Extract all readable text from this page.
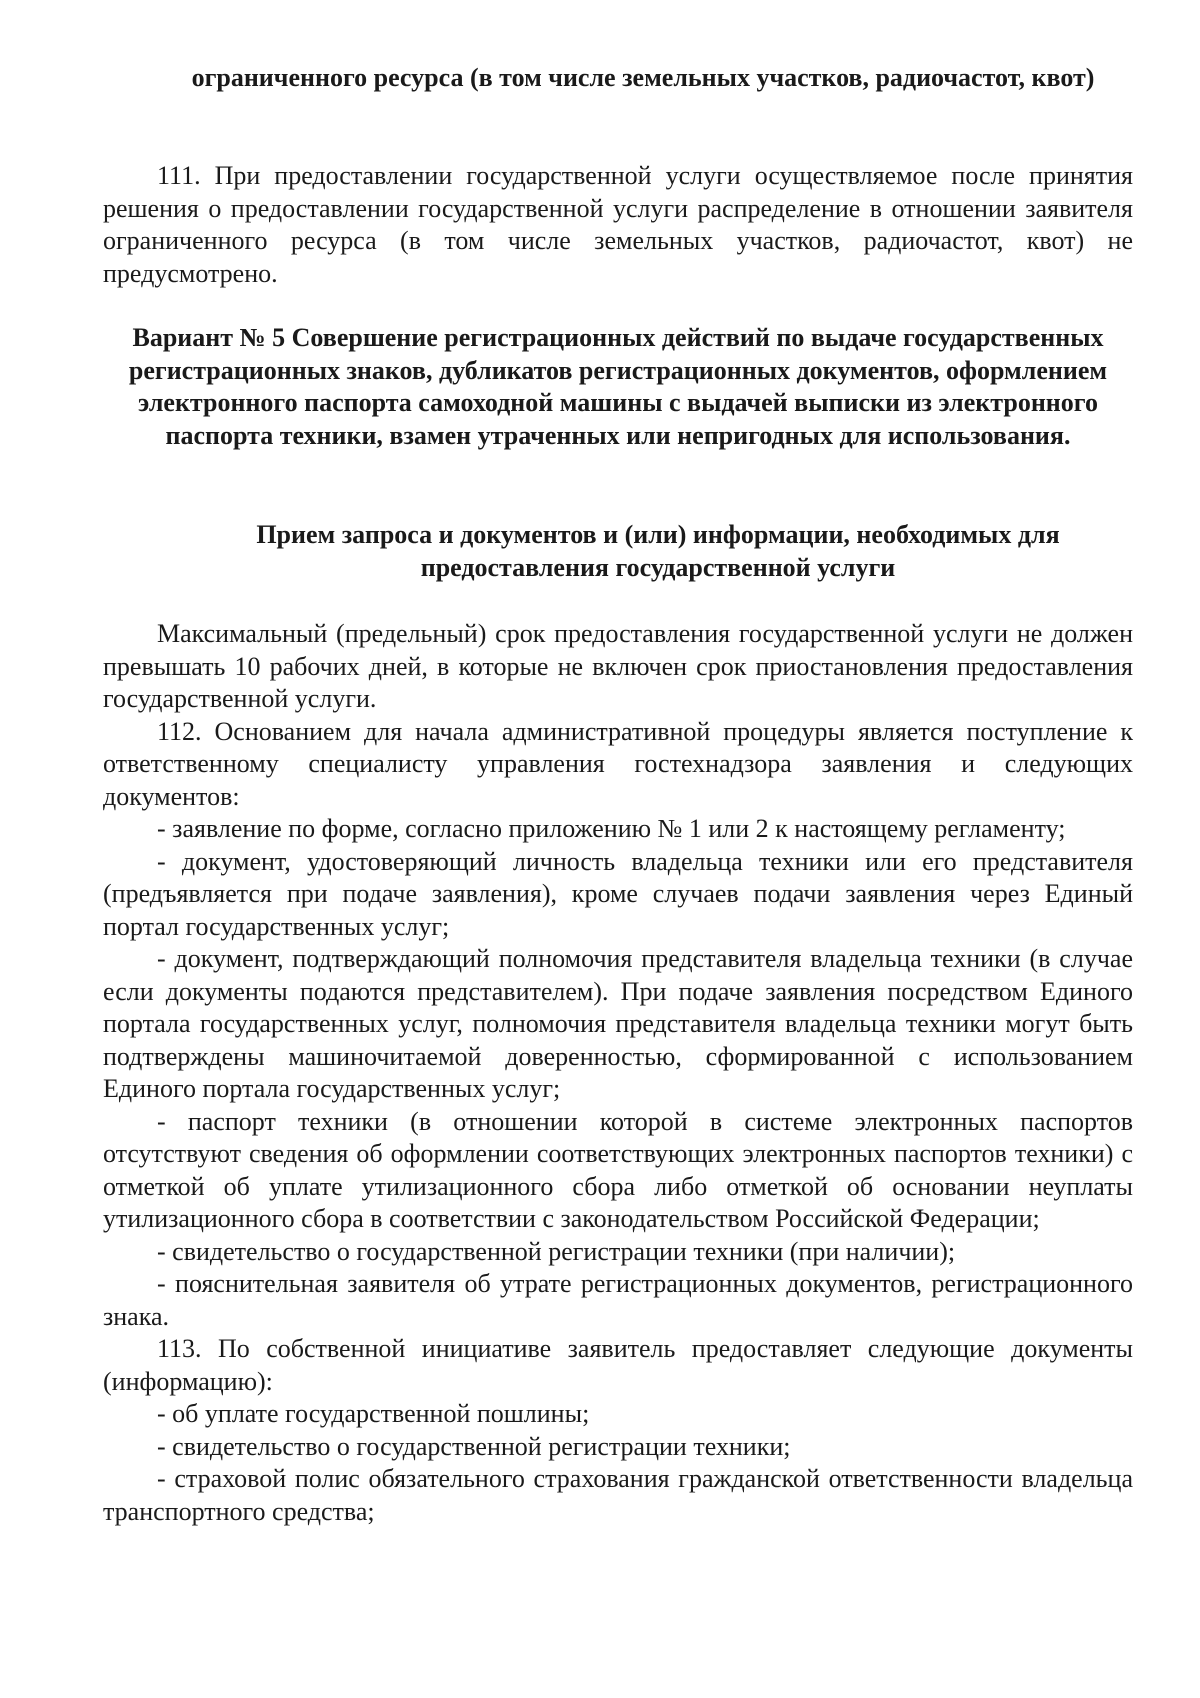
ограниченного ресурса (в том числе земельных участков, радиочастот, квот)

111. При предоставлении государственной услуги осуществляемое после принятия решения о предоставлении государственной услуги распределение в отношении заявителя ограниченного ресурса (в том числе земельных участков, радиочастот, квот) не предусмотрено.

Вариант № 5 Совершение регистрационных действий по выдаче государственных регистрационных знаков, дубликатов регистрационных документов, оформлением электронного паспорта самоходной машины с выдачей выписки из электронного паспорта техники, взамен утраченных или непригодных для использования.
Прием запроса и документов и (или) информации, необходимых для предоставления государственной услуги

Максимальный (предельный) срок предоставления государственной услуги не должен превышать 10 рабочих дней, в которые не включен срок приостановления предоставления государственной услуги.

112. Основанием для начала административной процедуры является поступление к ответственному специалисту управления гостехнадзора заявления и следующих документов:

- заявление по форме, согласно приложению № 1 или 2 к настоящему регламенту;

- документ, удостоверяющий личность владельца техники или его представителя (предъявляется при подаче заявления), кроме случаев подачи заявления через Единый портал государственных услуг;

- документ, подтверждающий полномочия представителя владельца техники (в случае если документы подаются представителем). При подаче заявления посредством Единого портала государственных услуг, полномочия представителя владельца техники могут быть подтверждены машиночитаемой доверенностью, сформированной с использованием Единого портала государственных услуг;

- паспорт техники (в отношении которой в системе электронных паспортов отсутствуют сведения об оформлении соответствующих электронных паспортов техники) с отметкой об уплате утилизационного сбора либо отметкой об основании неуплаты утилизационного сбора в соответствии с законодательством Российской Федерации;

- свидетельство о государственной регистрации техники (при наличии);

- пояснительная заявителя об утрате регистрационных документов, регистрационного знака.

113. По собственной инициативе заявитель предоставляет следующие документы (информацию):

- об уплате государственной пошлины;

- свидетельство о государственной регистрации техники;

- страховой полис обязательного страхования гражданской ответственности владельца транспортного средства;
